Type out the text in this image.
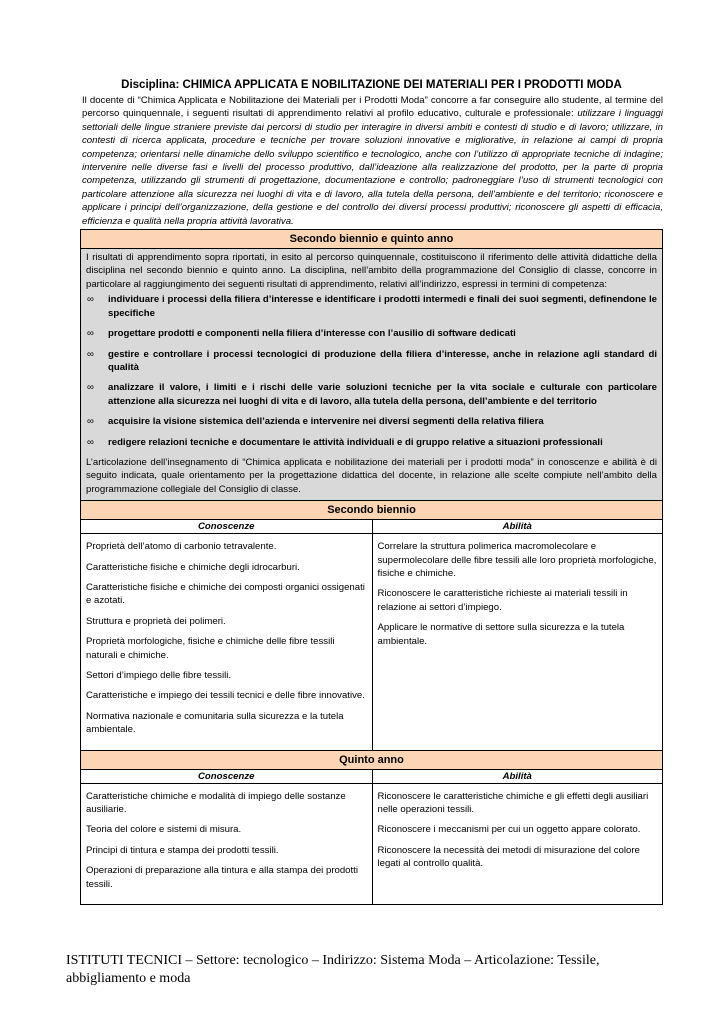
Disciplina: CHIMICA APPLICATA E NOBILITAZIONE DEI MATERIALI PER I PRODOTTI MODA

Il docente di “Chimica Applicata e Nobilitazione dei Materiali per i Prodotti Moda” concorre a far conseguire allo studente, al termine del percorso quinquennale, i seguenti risultati di apprendimento relativi al profilo educativo, culturale e professionale: utilizzare i linguaggi settoriali delle lingue straniere previste dai percorsi di studio per interagire in diversi ambiti e contesti di studio e di lavoro; utilizzare, in contesti di ricerca applicata, procedure e tecniche per trovare soluzioni innovative e migliorative, in relazione ai campi di propria competenza; orientarsi nelle dinamiche dello sviluppo scientifico e tecnologico, anche con l’utilizzo di appropriate tecniche di indagine; intervenire nelle diverse fasi e livelli del processo produttivo, dall’ideazione alla realizzazione del prodotto, per la parte di propria competenza, utilizzando gli strumenti di progettazione, documentazione e controllo; padroneggiare l’uso di strumenti tecnologici con particolare attenzione alla sicurezza nei luoghi di vita e di lavoro, alla tutela della persona, dell’ambiente e del territorio; riconoscere e applicare i principi dell’organizzazione, della gestione e del controllo dei diversi processi produttivi; riconoscere gli aspetti di efficacia, efficienza e qualità nella propria attività lavorativa.

Secondo biennio e quinto anno

I risultati di apprendimento sopra riportati, in esito al percorso quinquennale, costituiscono il riferimento delle attività didattiche della disciplina nel secondo biennio e quinto anno. La disciplina, nell’ambito della programmazione del Consiglio di classe, concorre in particolare al raggiungimento dei seguenti risultati di apprendimento, relativi all’indirizzo, espressi in termini di competenza:

∞ individuare i processi della filiera d’interesse e identificare i prodotti intermedi e finali dei suoi segmenti, definendone le specifiche
∞ progettare prodotti e componenti nella filiera d’interesse con l’ausilio di software dedicati
∞ gestire e controllare i processi tecnologici di produzione della filiera d’interesse, anche in relazione agli standard di qualità
∞ analizzare il valore, i limiti e i rischi delle varie soluzioni tecniche per la vita sociale e culturale con particolare attenzione alla sicurezza nei luoghi di vita e di lavoro, alla tutela della persona, dell’ambiente e del territorio
∞ acquisire la visione sistemica dell’azienda e intervenire nei diversi segmenti della relativa filiera
∞ redigere relazioni tecniche e documentare le attività individuali e di gruppo relative a situazioni professionali

L’articolazione dell’insegnamento di “Chimica applicata e nobilitazione dei materiali per i prodotti moda” in conoscenze e abilità è di seguito indicata, quale orientamento per la progettazione didattica del docente, in relazione alle scelte compiute nell’ambito della programmazione collegiale del Consiglio di classe.

Secondo biennio
Conoscenze

Proprietà dell’atomo di carbonio tetravalente.

Caratteristiche fisiche e chimiche degli idrocarburi.

Caratteristiche fisiche e chimiche dei composti organici ossigenati e azotati.

Struttura e proprietà dei polimeri.

Proprietà morfologiche, fisiche e chimiche delle fibre tessili naturali e chimiche.

Settori d’impiego delle fibre tessili.

Caratteristiche e impiego dei tessili tecnici e delle fibre innovative.

Normativa nazionale e comunitaria sulla sicurezza e la tutela ambientale.

Abilità

Correlare la struttura polimerica macromolecolare e supermolecolare delle fibre tessili alle loro proprietà morfologiche, fisiche e chimiche.

Riconoscere le caratteristiche richieste ai materiali tessili in relazione ai settori d’impiego.

Applicare le normative di settore sulla sicurezza e la tutela ambientale.

Quinto anno
Conoscenze

Caratteristiche chimiche e modalità di impiego delle sostanze ausiliarie.

Teoria del colore e sistemi di misura.

Principi di tintura e stampa dei prodotti tessili.

Operazioni di preparazione alla tintura e alla stampa dei prodotti tessili.

Abilità

Riconoscere le caratteristiche chimiche e gli effetti degli ausiliari nelle operazioni tessili.

Riconoscere i meccanismi per cui un oggetto appare colorato.

Riconoscere la necessità dei metodi di misurazione del colore legati al controllo qualità.

ISTITUTI TECNICI – Settore: tecnologico – Indirizzo: Sistema Moda – Articolazione: Tessile, abbigliamento e moda
